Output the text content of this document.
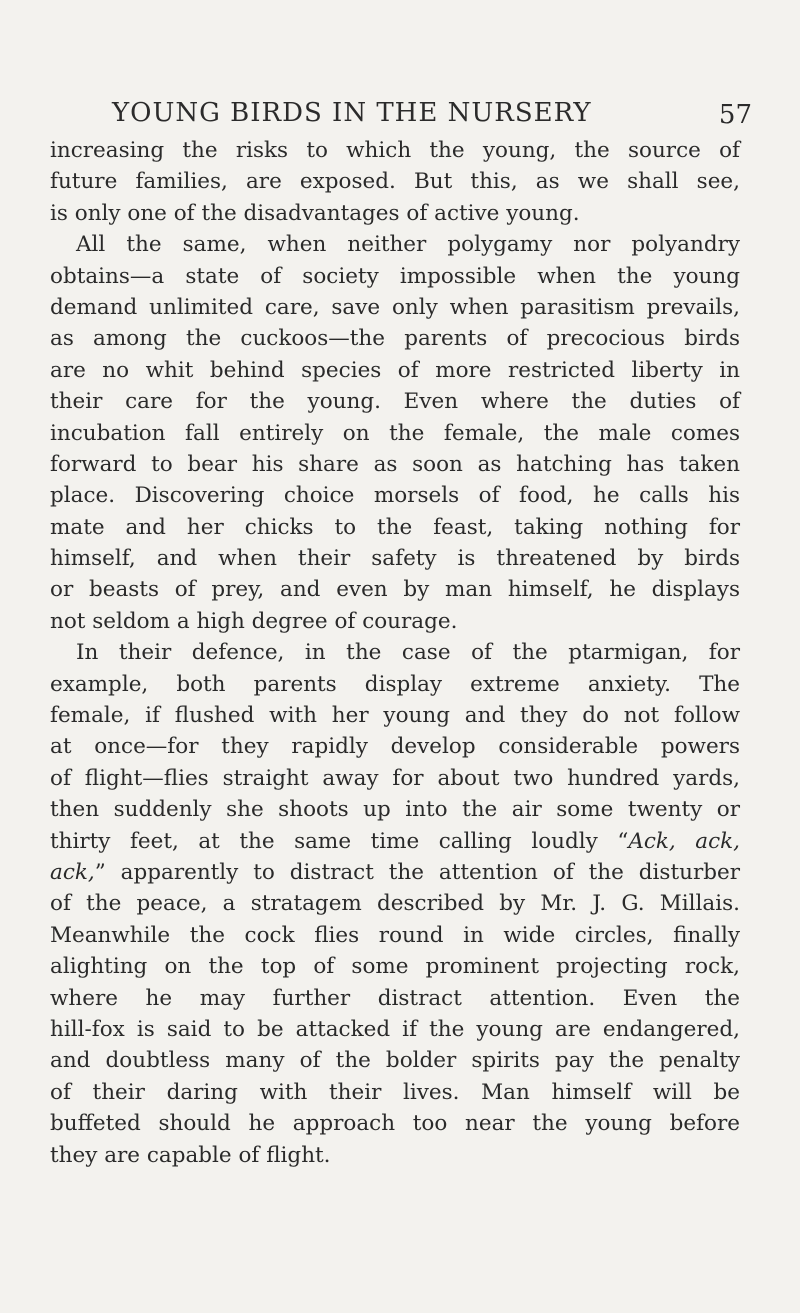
YOUNG BIRDS IN THE NURSERY	57
increasing the risks to which the young, the source of
future families, are exposed. But this, as we shall see,
is only one of the disadvantages of active young.
All the same, when neither polygamy nor polyandry
obtains—a state of society impossible when the young
demand unlimited care, save only when parasitism prevails,
as among the cuckoos—the parents of precocious birds
are no whit behind species of more restricted liberty in
their care for the young. Even where the duties of
incubation fall entirely on the female, the male comes
forward to bear his share as soon as hatching has taken
place. Discovering choice morsels of food, he calls his
mate and her chicks to the feast, taking nothing for
himself, and when their safety is threatened by birds
or beasts of prey, and even by man himself, he displays
not seldom a high degree of courage.
In their defence, in the case of the ptarmigan, for
example, both parents display extreme anxiety. The
female, if flushed with her young and they do not follow
at once—for they rapidly develop considerable powers
of flight—flies straight away for about two hundred yards,
then suddenly she shoots up into the air some twenty or
thirty feet, at the same time calling loudly “Ack, ack,
ack,” apparently to distract the attention of the disturber
of the peace, a stratagem described by Mr. J. G. Millais.
Meanwhile the cock flies round in wide circles, finally
alighting on the top of some prominent projecting rock,
where he may further distract attention. Even the
hill-fox is said to be attacked if the young are endangered,
and doubtless many of the bolder spirits pay the penalty
of their daring with their lives. Man himself will be
buffeted should he approach too near the young before
they are capable of flight.
